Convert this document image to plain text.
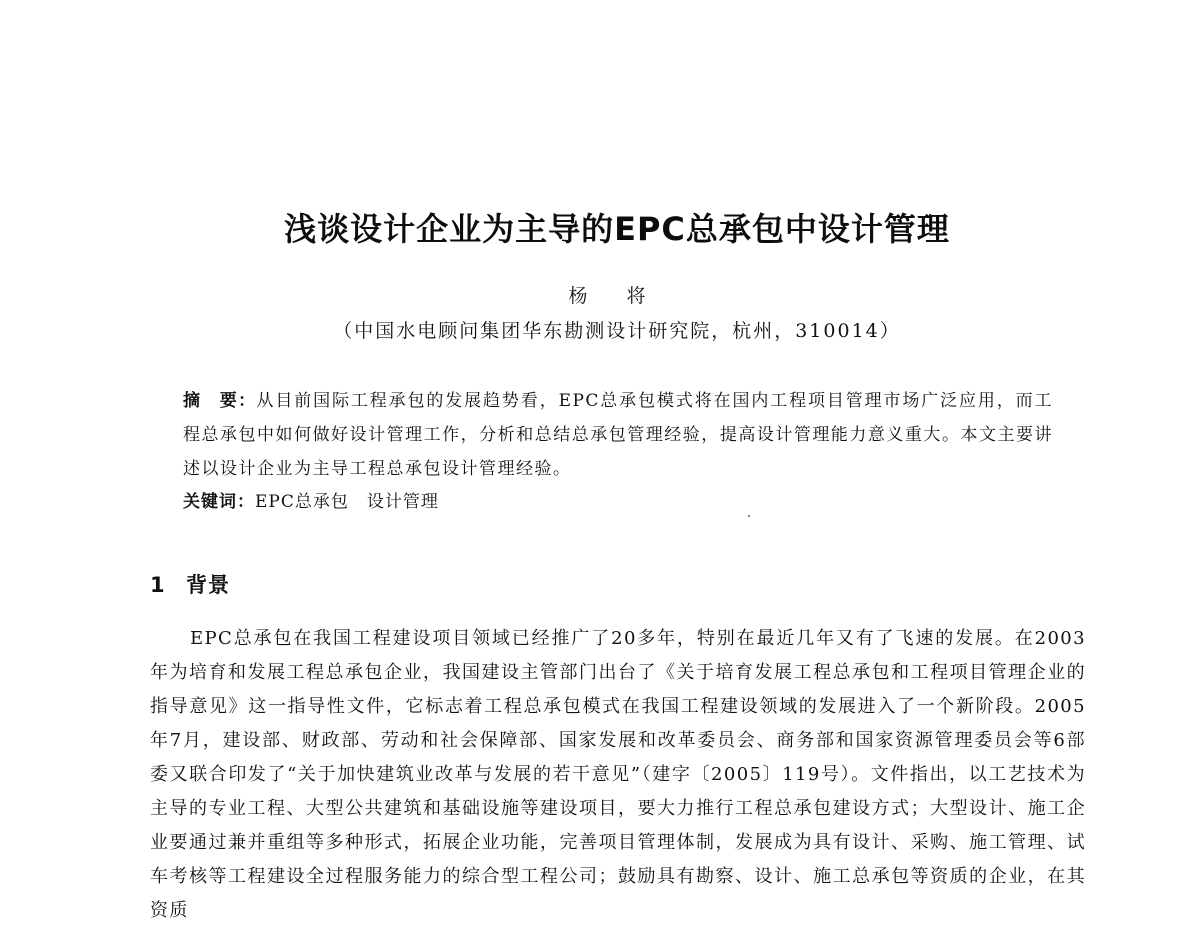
浅谈设计企业为主导的EPC总承包中设计管理
杨　将
（中国水电顾问集团华东勘测设计研究院，杭州，310014）
摘　要：从目前国际工程承包的发展趋势看，EPC总承包模式将在国内工程项目管理市场广泛应用，而工程总承包中如何做好设计管理工作，分析和总结总承包管理经验，提高设计管理能力意义重大。本文主要讲述以设计企业为主导工程总承包设计管理经验。
关键词：EPC总承包　设计管理
1 背景
EPC总承包在我国工程建设项目领域已经推广了20多年，特别在最近几年又有了飞速的发展。在2003年为培育和发展工程总承包企业，我国建设主管部门出台了《关于培育发展工程总承包和工程项目管理企业的指导意见》这一指导性文件，它标志着工程总承包模式在我国工程建设领域的发展进入了一个新阶段。2005年7月，建设部、财政部、劳动和社会保障部、国家发展和改革委员会、商务部和国家资源管理委员会等6部委又联合印发了“关于加快建筑业改革与发展的若干意见”（建字〔2005〕119号）。文件指出，以工艺技术为主导的专业工程、大型公共建筑和基础设施等建设项目，要大力推行工程总承包建设方式；大型设计、施工企业要通过兼并重组等多种形式，拓展企业功能，完善项目管理体制，发展成为具有设计、采购、施工管理、试车考核等工程建设全过程服务能力的综合型工程公司；鼓励具有勘察、设计、施工总承包等资质的企业，在其资质
